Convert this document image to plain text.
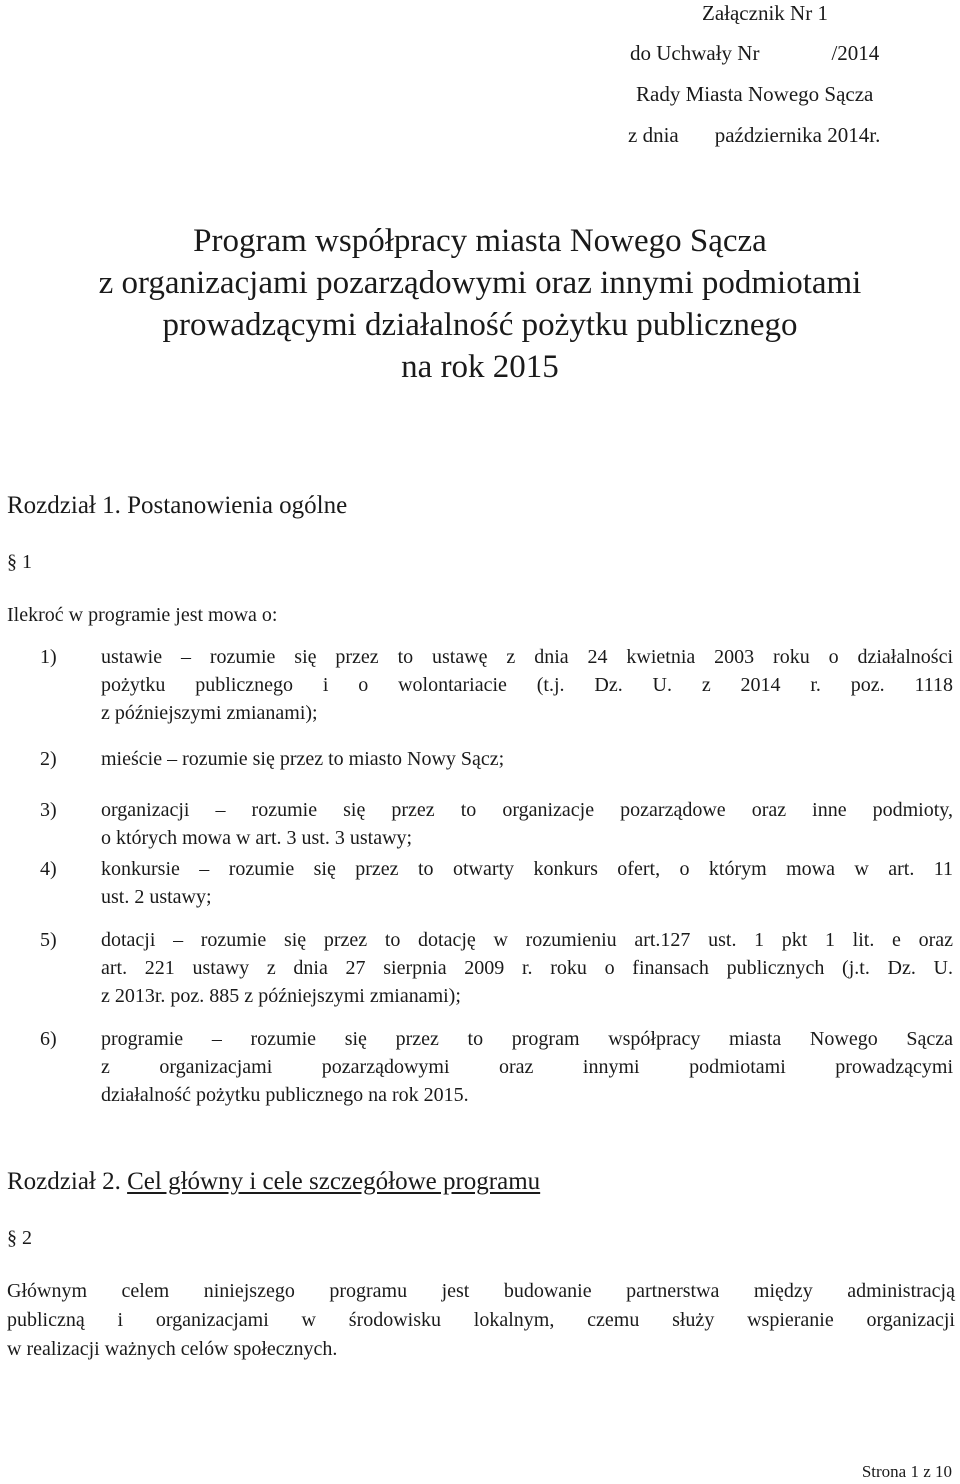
Załącznik Nr 1
do Uchwały Nr	/2014
Rady Miasta Nowego Sącza
z dnia października 2014r.
Program współpracy miasta Nowego Sącza
z organizacjami pozarządowymi oraz innymi podmiotami
prowadzącymi działalność pożytku publicznego
na rok 2015
Rozdział 1. Postanowienia ogólne
§ 1
Ilekroć w programie jest mowa o:
1) ustawie – rozumie się przez to ustawę z dnia 24 kwietnia 2003 roku o działalności
pożytku publicznego i o wolontariacie (t.j. Dz. U. z 2014 r. poz. 1118
z późniejszymi zmianami);
2) mieście – rozumie się przez to miasto Nowy Sącz;
3) organizacji – rozumie się przez to organizacje pozarządowe oraz inne podmioty,
o których mowa w art. 3 ust. 3 ustawy;
4) konkursie – rozumie się przez to otwarty konkurs ofert, o którym mowa w art. 11
ust. 2 ustawy;
5) dotacji – rozumie się przez to dotację w rozumieniu art.127 ust. 1 pkt 1 lit. e oraz
art. 221 ustawy z dnia 27 sierpnia 2009 r. roku o finansach publicznych (j.t. Dz. U.
z 2013r. poz. 885 z późniejszymi zmianami);
6) programie – rozumie się przez to program współpracy miasta Nowego Sącza
z organizacjami pozarządowymi oraz innymi podmiotami prowadzącymi
działalność pożytku publicznego na rok 2015.
Rozdział 2. Cel główny i cele szczegółowe programu
§ 2
Głównym celem niniejszego programu jest budowanie partnerstwa między administracją
publiczną i organizacjami w środowisku lokalnym, czemu służy wspieranie organizacji
w realizacji ważnych celów społecznych.
Strona 1 z 10
